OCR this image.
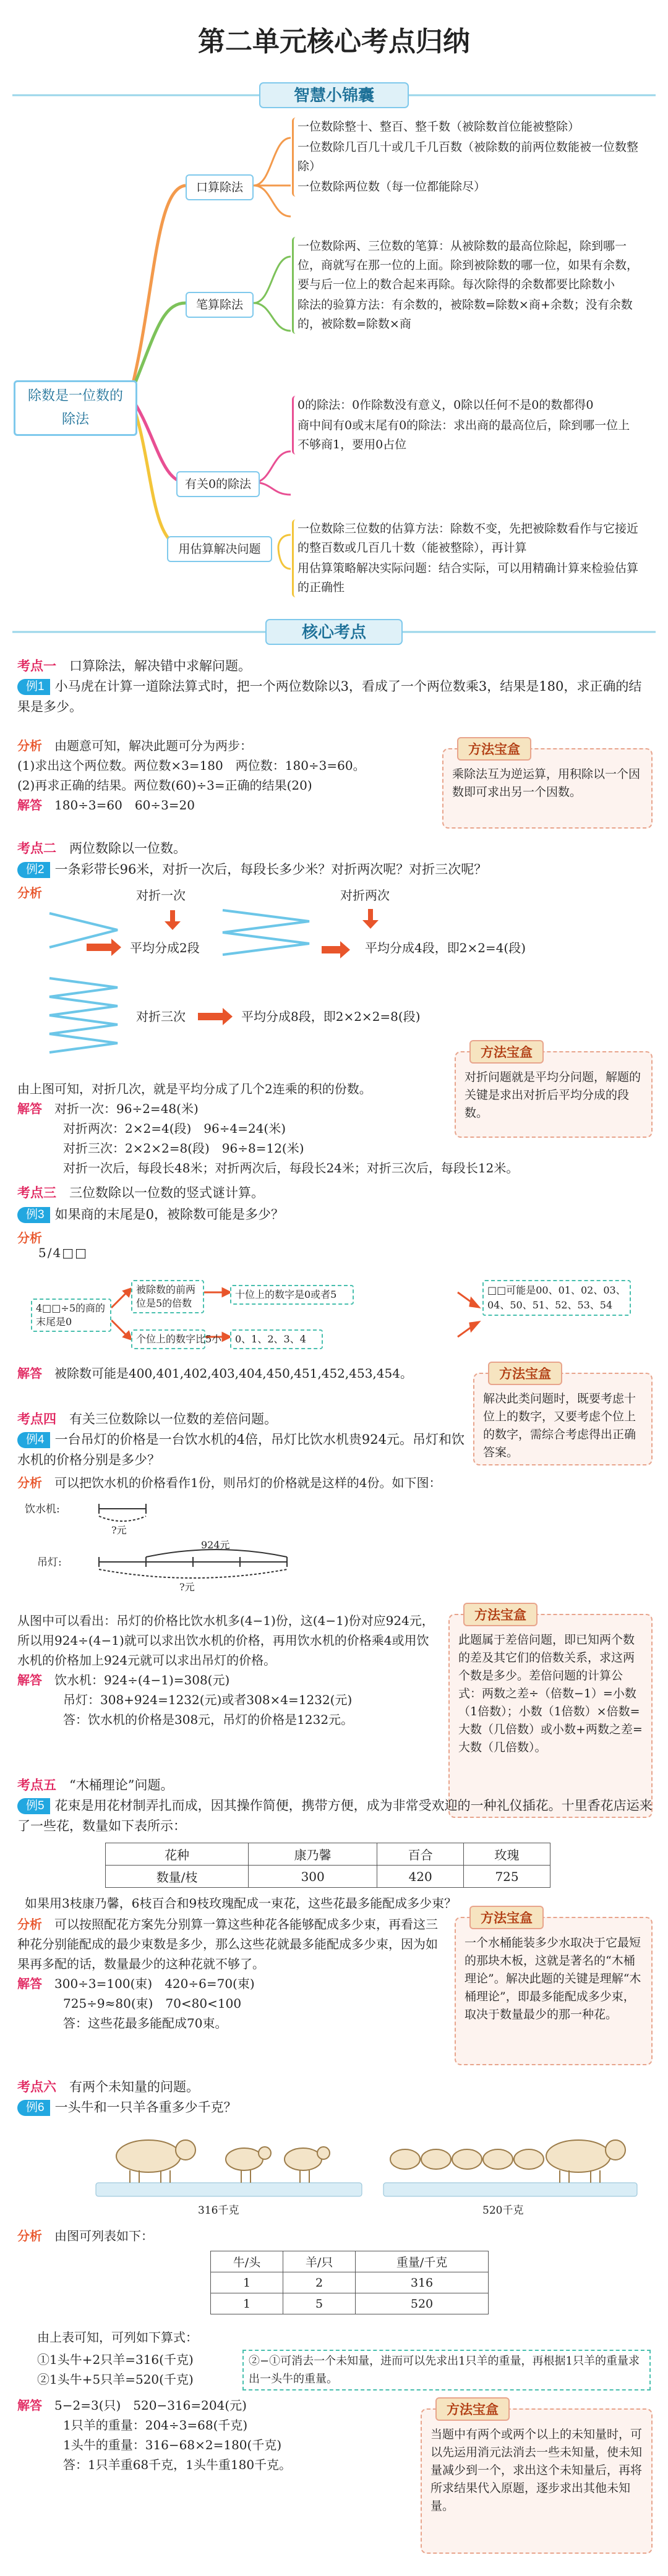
第二单元核心考点归纳
智慧小锦囊
除数是一位数的除法
口算除法
笔算除法
有关0的除法
用估算解决问题
一位数除整十、整百、整千数（被除数首位能被整除）
一位数除几百几十或几千几百数（被除数的前两位数能被一位数整除）
一位数除两位数（每一位都能除尽）
一位数除两、三位数的笔算：从被除数的最高位除起，除到哪一位，商就写在那一位的上面。除到被除数的哪一位，如果有余数，要与后一位上的数合起来再除。每次除得的余数都要比除数小
除法的验算方法：有余数的，被除数=除数×商+余数；没有余数的，被除数=除数×商
0的除法：0作除数没有意义，0除以任何不是0的数都得0
商中间有0或末尾有0的除法：求出商的最高位后，除到哪一位上不够商1，要用0占位
一位数除三位数的估算方法：除数不变，先把被除数看作与它接近的整百数或几百几十数（能被整除），再计算
用估算策略解决实际问题：结合实际，可以用精确计算来检验估算的正确性
核心考点
考点一　 口算除法，解决错中求解问题。
例1 小马虎在计算一道除法算式时，把一个两位数除以3，看成了一个两位数乘3，结果是180，求正确的结果是多少。
分析　 由题意可知，解决此题可分为两步：
(1)求出这个两位数。两位数×3=180　两位数：180÷3=60。
(2)再求正确的结果。两位数(60)÷3=正确的结果(20)
解答　 180÷3=60　60÷3=20
方法宝盒
乘除法互为逆运算，用积除以一个因数即可求出另一个因数。
考点二　 两位数除以一位数。
例2 一条彩带长96米，对折一次后，每段长多少米？对折两次呢？对折三次呢？
分析	对折一次
平均分成2段
对折两次
平均分成4段，即2×2=4(段)
对折三次	平均分成8段，即2×2×2=8(段)
由上图可知，对折几次，就是平均分成了几个2连乘的积的份数。
解答　 对折一次：96÷2=48(米)
对折两次：2×2=4(段)　96÷4=24(米)
对折三次：2×2×2=8(段)　96÷8=12(米)
对折一次后，每段长48米；对折两次后，每段长24米；对折三次后，每段长12米。
方法宝盒
对折问题就是平均分问题，解题的关键是求出对折后平均分成的段数。
考点三　 三位数除以一位数的竖式谜计算。
例3 如果商的末尾是0，被除数可能是多少？
分析
5/4□□
4□□÷5的商的末尾是0
被除数的前两位是5的倍数
十位上的数字是0或者5
个位上的数字比5小	0、1、2、3、4
□□可能是00、01、02、03、04、50、51、52、53、54
解答　 被除数可能是400,401,402,403,404,450,451,452,453,454。	方法宝盒
解决此类问题时，既要考虑十位上的数字，又要考虑个位上的数字，需综合考虑得出正确答案。
考点四　 有关三位数除以一位数的差倍问题。
例4 一台吊灯的价格是一台饮水机的4倍，吊灯比饮水机贵924元。吊灯和饮水机的价格分别是多少？
分析　 可以把饮水机的价格看作1份，则吊灯的价格就是这样的4份。如下图：
饮水机:
吊灯:
?元
924元
?元
从图中可以看出：吊灯的价格比饮水机多(4−1)份，这(4−1)份对应924元，所以用924÷(4−1)就可以求出饮水机的价格，再用饮水机的价格乘4或用饮水机的价格加上924元就可以求出吊灯的价格。
解答　 饮水机：924÷(4−1)=308(元)
吊灯：308+924=1232(元)或者308×4=1232(元)
答：饮水机的价格是308元，吊灯的价格是1232元。
方法宝盒
此题属于差倍问题，即已知两个数的差及其它们的倍数关系，求这两个数是多少。差倍问题的计算公式：两数之差÷（倍数−1）=小数（1倍数）；小数（1倍数）×倍数=大数（几倍数）或小数+两数之差=大数（几倍数）。
考点五　 “木桶理论”问题。
例5 花束是用花材制弄扎而成，因其操作简便，携带方便，成为非常受欢迎的一种礼仪插花。十里香花店运来了一些花，数量如下表所示：
花种	康乃馨	百合	玫瑰
数量/枝	300	420	725
如果用3枝康乃馨，6枝百合和9枝玫瑰配成一束花，这些花最多能配成多少束？
分析　 可以按照配花方案先分别算一算这些种花各能够配成多少束，再看这三种花分别能配成的最少束数是多少，那么这些花就最多能配成多少束，因为如果再多配的话，数量最少的这种花就不够了。
解答　 300÷3=100(束)　420÷6=70(束)
725÷9≈80(束)　70<80<100
答：这些花最多能配成70束。
方法宝盒
一个水桶能装多少水取决于它最短的那块木板，这就是著名的“木桶理论”。解决此题的关键是理解“木桶理论”，即最多能配成多少束，取决于数量最少的那一种花。
考点六　 有两个未知量的问题。
例6 一头牛和一只羊各重多少千克？
316千克	520千克
分析　 由图可列表如下：
牛/头	羊/只	重量/千克
1	2	316
1	5	520
由上表可知，可列如下算式：
①1头牛+2只羊=316(千克)
②1头牛+5只羊=520(千克)
②−①可消去一个未知量，进而可以先求出1只羊的重量，再根据1只羊的重量求出一头牛的重量。
解答　 5−2=3(只)　520−316=204(元)
1只羊的重量：204÷3=68(千克)
1头牛的重量：316−68×2=180(千克)
答：1只羊重68千克，1头牛重180千克。
方法宝盒
当题中有两个或两个以上的未知量时，可以先运用消元法消去一些未知量，使未知量减少到一个，求出这个未知量后，再将所求结果代入原题，逐步求出其他未知量。
